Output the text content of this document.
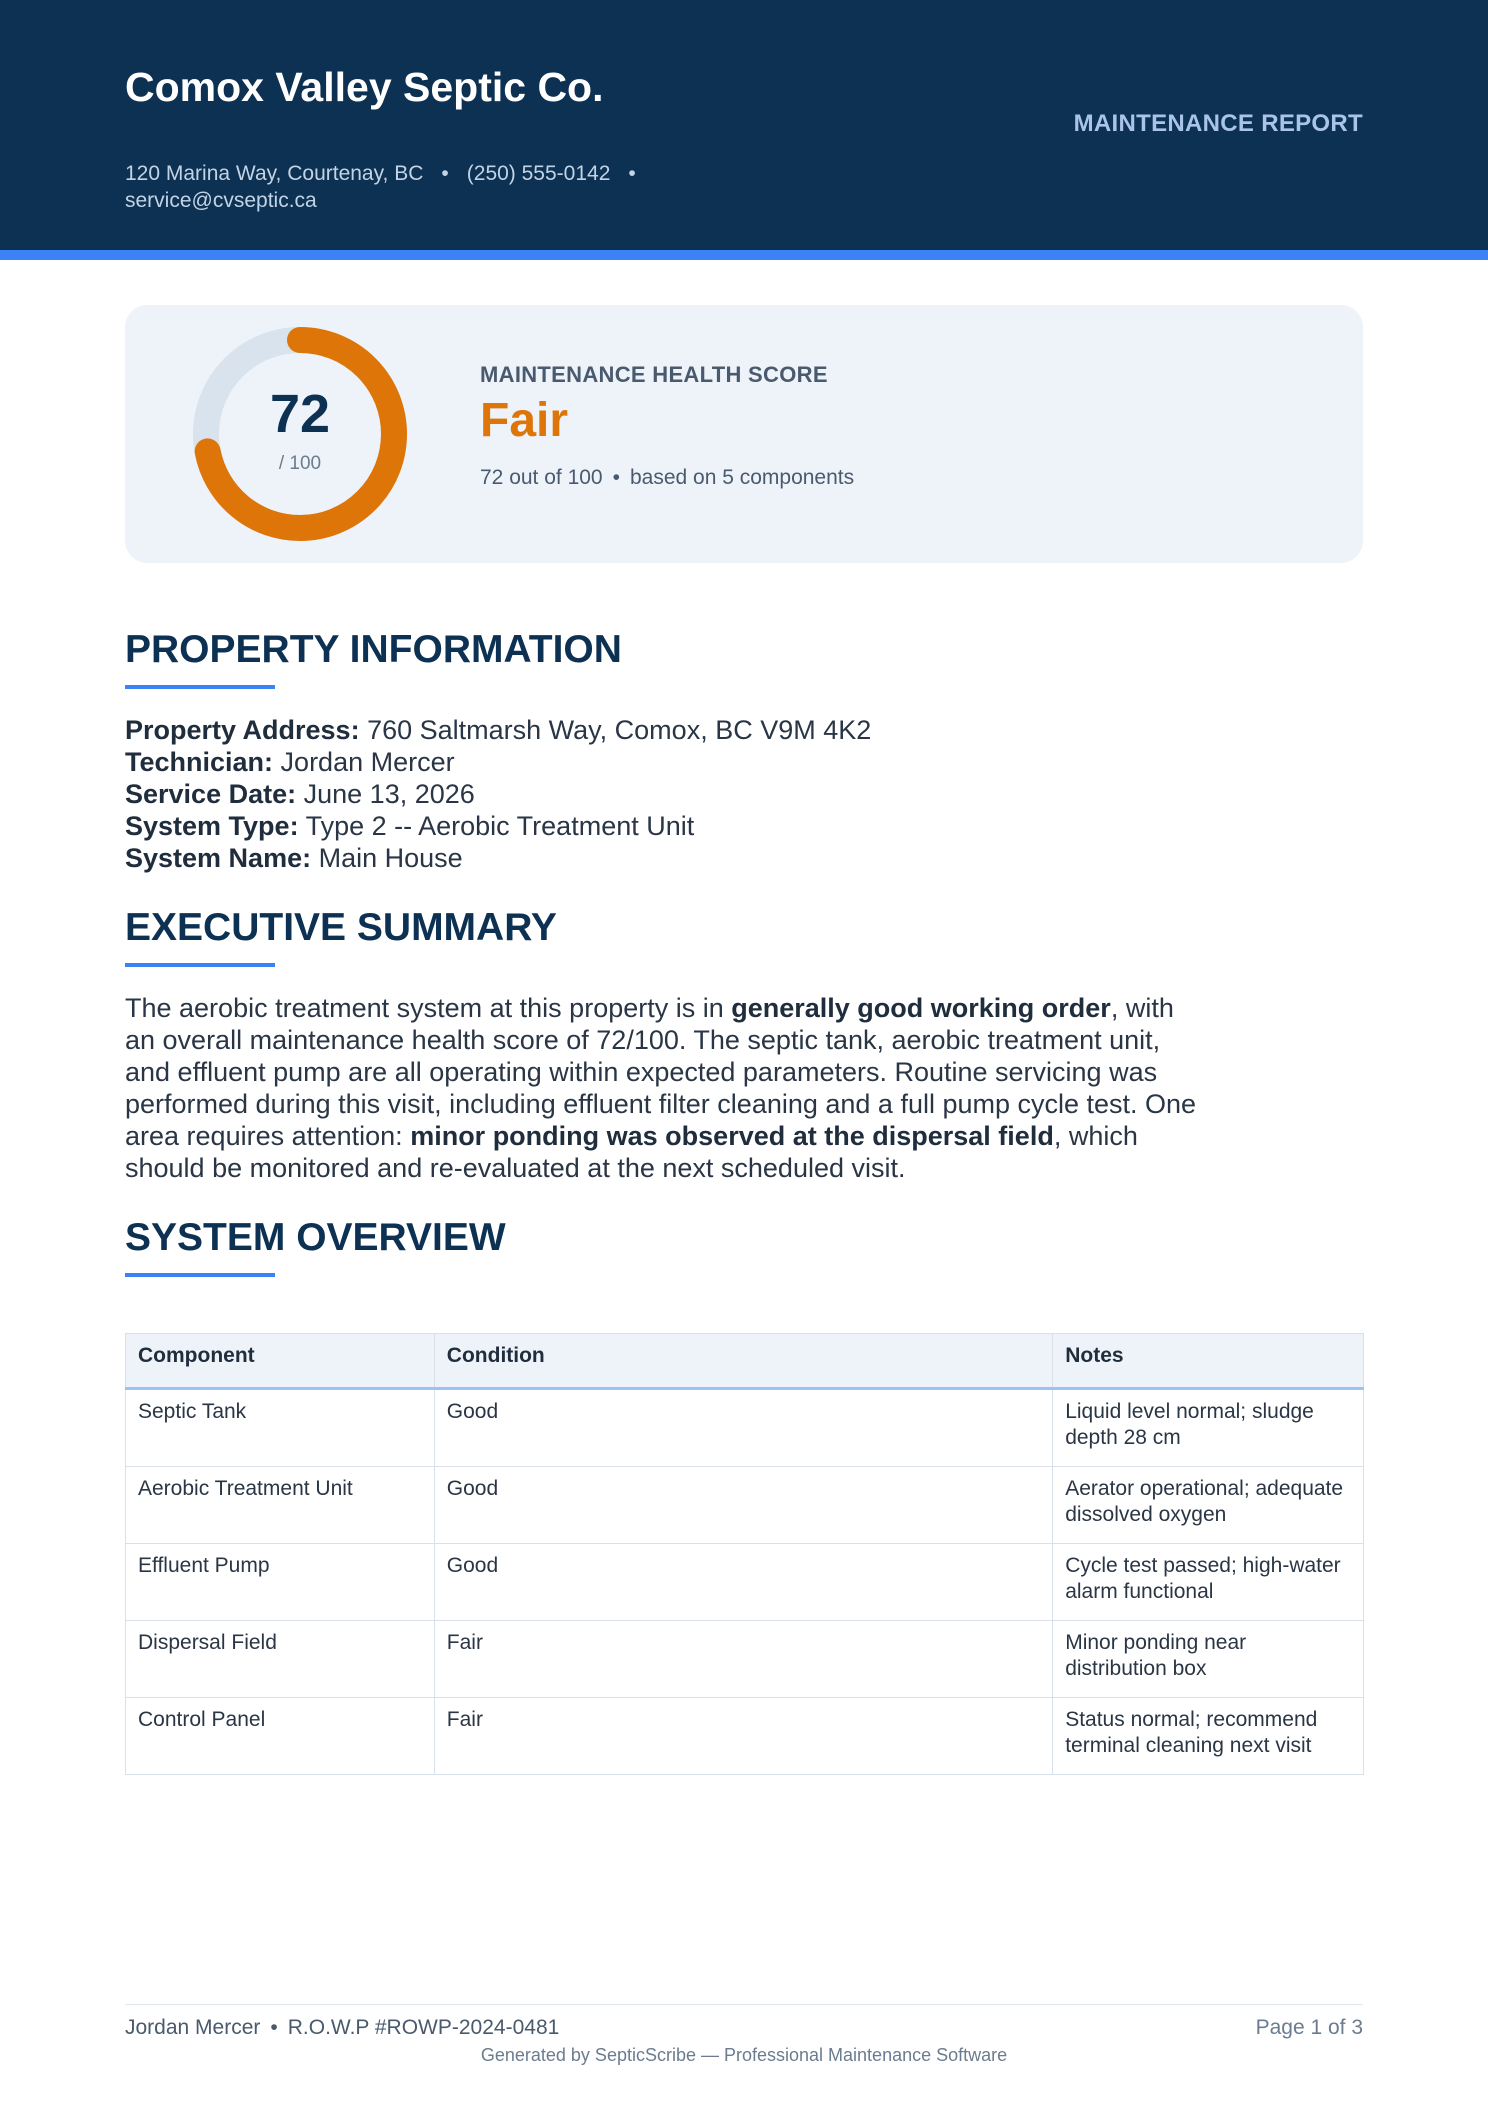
Comox Valley Septic Co.
120 Marina Way, Courtenay, BC • (250) 555-0142 •
service@cvseptic.ca
MAINTENANCE REPORT
72
/ 100
MAINTENANCE HEALTH SCORE
Fair
72 out of 100 • based on 5 components
PROPERTY INFORMATION
Property Address: 760 Saltmarsh Way, Comox, BC V9M 4K2
Technician: Jordan Mercer
Service Date: June 13, 2026
System Type: Type 2 -- Aerobic Treatment Unit
System Name: Main House
EXECUTIVE SUMMARY

The aerobic treatment system at this property is in generally good working order, with an overall maintenance health score of 72/100. The septic tank, aerobic treatment unit, and effluent pump are all operating within expected parameters. Routine servicing was performed during this visit, including effluent filter cleaning and a full pump cycle test. One area requires attention: minor ponding was observed at the dispersal field, which should be monitored and re-evaluated at the next scheduled visit.

SYSTEM OVERVIEW
Component	Condition	Notes
Septic Tank	Good	Liquid level normal; sludge depth 28 cm
Aerobic Treatment Unit	Good	Aerator operational; adequate dissolved oxygen
Effluent Pump	Good	Cycle test passed; high-water alarm functional
Dispersal Field	Fair	Minor ponding near distribution box
Control Panel	Fair	Status normal; recommend terminal cleaning next visit
Jordan Mercer • R.O.W.P #ROWP-2024-0481	Page 1 of 3
Generated by SepticScribe — Professional Maintenance Software
